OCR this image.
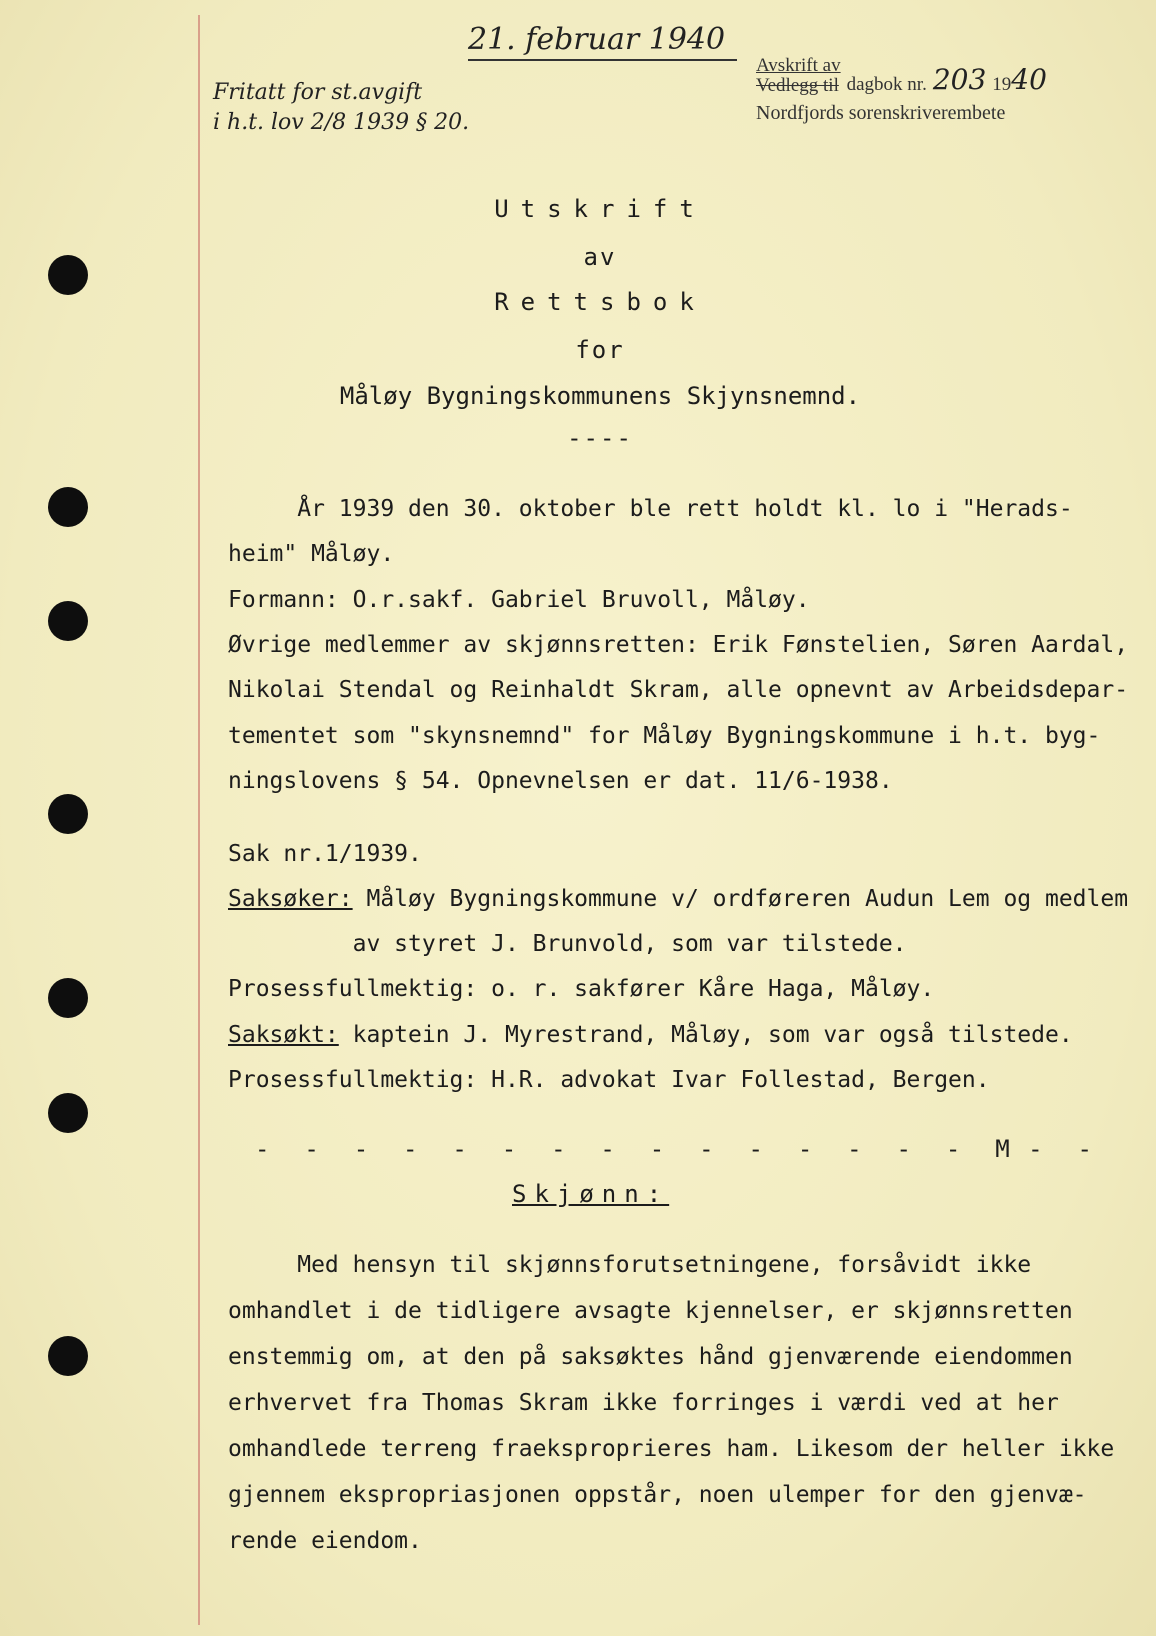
21. februar 1940
Fritatt for st.avgift
i h.t. lov 2/8 1939 § 20.
Avskrift av
Vedlegg til dagbok nr. 203 19 40
Nordfjords sorenskriverembete
Utskrift
av
Rettsbok
for
Måløy Bygningskommunens Skjynsnemnd.
----
År 1939 den 30. oktober ble rett holdt kl. lo i "Herads-
heim" Måløy.
Formann: O.r.sakf. Gabriel Bruvoll, Måløy.
Øvrige medlemmer av skjønnsretten: Erik Fønstelien, Søren Aardal,
Nikolai Stendal og Reinhaldt Skram, alle opnevnt av Arbeidsdepar-
tementet som "skynsnemnd" for Måløy Bygningskommune i h.t. byg-
ningslovens § 54. Opnevnelsen er dat. 11/6-1938.
Sak nr.1/1939.
Saksøker: Måløy Bygningskommune v/ ordføreren Audun Lem og medlem
av styret J. Brunvold, som var tilstede.
Prosessfullmektig: o. r. sakfører Kåre Haga, Måløy.
Saksøkt: kaptein J. Myrestrand, Måløy, som var også tilstede.
Prosessfullmektig: H.R. advokat Ivar Follestad, Bergen.
-  -  -  -  -  -  -  -  -  -  -  -  -  -  -  M -  -
Skjønn:
Med hensyn til skjønnsforutsetningene, forsåvidt ikke
omhandlet i de tidligere avsagte kjennelser, er skjønnsretten
enstemmig om, at den på saksøktes hånd gjenværende eiendommen
erhvervet fra Thomas Skram ikke forringes i værdi ved at her
omhandlede terreng fraeksproprieres ham. Likesom der heller ikke
gjennem ekspropriasjonen oppstår, noen ulemper for den gjenvæ-
rende eiendom.
